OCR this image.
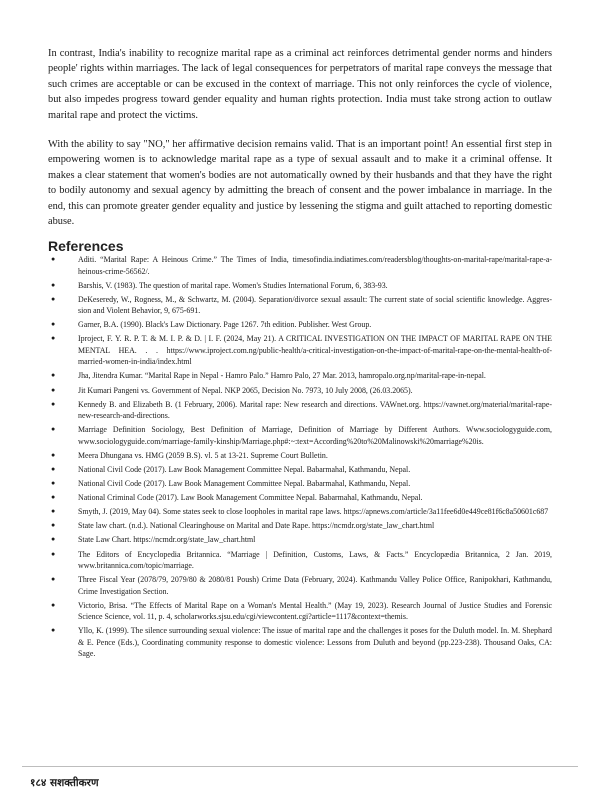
In contrast, India's inability to recognize marital rape as a criminal act reinforces detrimental gender norms and hinders people' rights within marriages. The lack of legal consequences for perpetrators of marital rape conveys the message that such crimes are acceptable or can be excused in the context of marriage. This not only reinforces the cycle of violence, but also impedes progress toward gender equality and human rights protection. India must take strong action to outlaw marital rape and protect the victims.

With the ability to say "NO," her affirmative decision remains valid. That is an important point! An essential first step in empowering women is to acknowledge marital rape as a type of sexual assault and to make it a criminal offense. It makes a clear statement that women's bodies are not automatically owned by their husbands and that they have the right to bodily autonomy and sexual agency by admitting the breach of consent and the power imbalance in marriage. In the end, this can promote greater gender equality and justice by lessening the stigma and guilt attached to reporting domestic abuse.

References
●	Aditi. “Marital Rape: A Heinous Crime.” The Times of India, timesofindia.indiatimes.com/readersblog/thoughts-on-marital-rape/marital-rape-a-heinous-crime-56562/.
●	Barshis, V. (1983). The question of marital rape. Women's Studies International Forum, 6, 383-93.
●	DeKeseredy, W., Rogness, M., & Schwartz, M. (2004). Separation/divorce sexual assault: The current state of social scientific knowledge. Aggres- sion and Violent Behavior, 9, 675-691.
●	Garner, B.A. (1990). Black's Law Dictionary. Page 1267. 7th edition. Publisher. West Group.
●	Iproject, F. Y. R. P. T. & M. I. P. & D. | I. F. (2024, May 21). A CRITICAL INVESTIGATION ON THE IMPACT OF MARITAL RAPE ON THE MENTAL HEA. . . https://www.iproject.com.ng/public-health/a-critical-investigation-on-the-impact-of-marital-rape-on-the-mental-health-of-married-women-in-india/index.html
●	Jha, Jitendra Kumar. “Marital Rape in Nepal - Hamro Palo.” Hamro Palo, 27 Mar. 2013, hamropalo.org.np/marital-rape-in-nepal.
●	Jit Kumari Pangeni vs. Government of Nepal. NKP 2065, Decision No. 7973, 10 July 2008, (26.03.2065).
●	Kennedy B. and Elizabeth B. (1 February, 2006). Marital rape: New research and directions. VAWnet.org. https://vawnet.org/material/marital-rape-new-research-and-directions.
●	Marriage Definition Sociology, Best Definition of Marriage, Definition of Marriage by Different Authors. Www.sociologyguide.com, www.sociologyguide.com/marriage-family-kinship/Marriage.php#:~:text=According%20to%20Malinowski%20marriage%20is.
●	Meera Dhungana vs. HMG (2059 B.S). vl. 5 at 13-21. Supreme Court Bulletin.
●	National Civil Code (2017). Law Book Management Committee Nepal. Babarmahal, Kathmandu, Nepal.
●	National Civil Code (2017). Law Book Management Committee Nepal. Babarmahal, Kathmandu, Nepal.
●	National Criminal Code (2017). Law Book Management Committee Nepal. Babarmahal, Kathmandu, Nepal.
●	Smyth, J. (2019, May 04). Some states seek to close loopholes in marital rape laws. https://apnews.com/article/3a11fee6d0e449ce81f6c8a50601c687
●	State law chart. (n.d.). National Clearinghouse on Marital and Date Rape. https://ncmdr.org/state_law_chart.html
●	State Law Chart. https://ncmdr.org/state_law_chart.html
●	The Editors of Encyclopedia Britannica. “Marriage | Definition, Customs, Laws, & Facts.” Encyclopædia Britannica, 2 Jan. 2019, www.britannica.com/topic/marriage.
●	Three Fiscal Year (2078/79, 2079/80 & 2080/81 Poush) Crime Data (February, 2024). Kathmandu Valley Police Office, Ranipokhari, Kathmandu, Crime Investigation Section.
●	Victorio, Brisa. “The Effects of Marital Rape on a Woman's Mental Health.” (May 19, 2023). Research Journal of Justice Studies and Forensic Science Science, vol. 11, p. 4, scholarworks.sjsu.edu/cgi/viewcontent.cgi?article=1117&context=themis.
●	Yllo, K. (1999). The silence surrounding sexual violence: The issue of marital rape and the challenges it poses for the Duluth model. In. M. Shephard & E. Pence (Eds.), Coordinating community response to domestic violence: Lessons from Duluth and beyond (pp.223-238). Thousand Oaks, CA: Sage.
१८४ सशक्तीकरण
